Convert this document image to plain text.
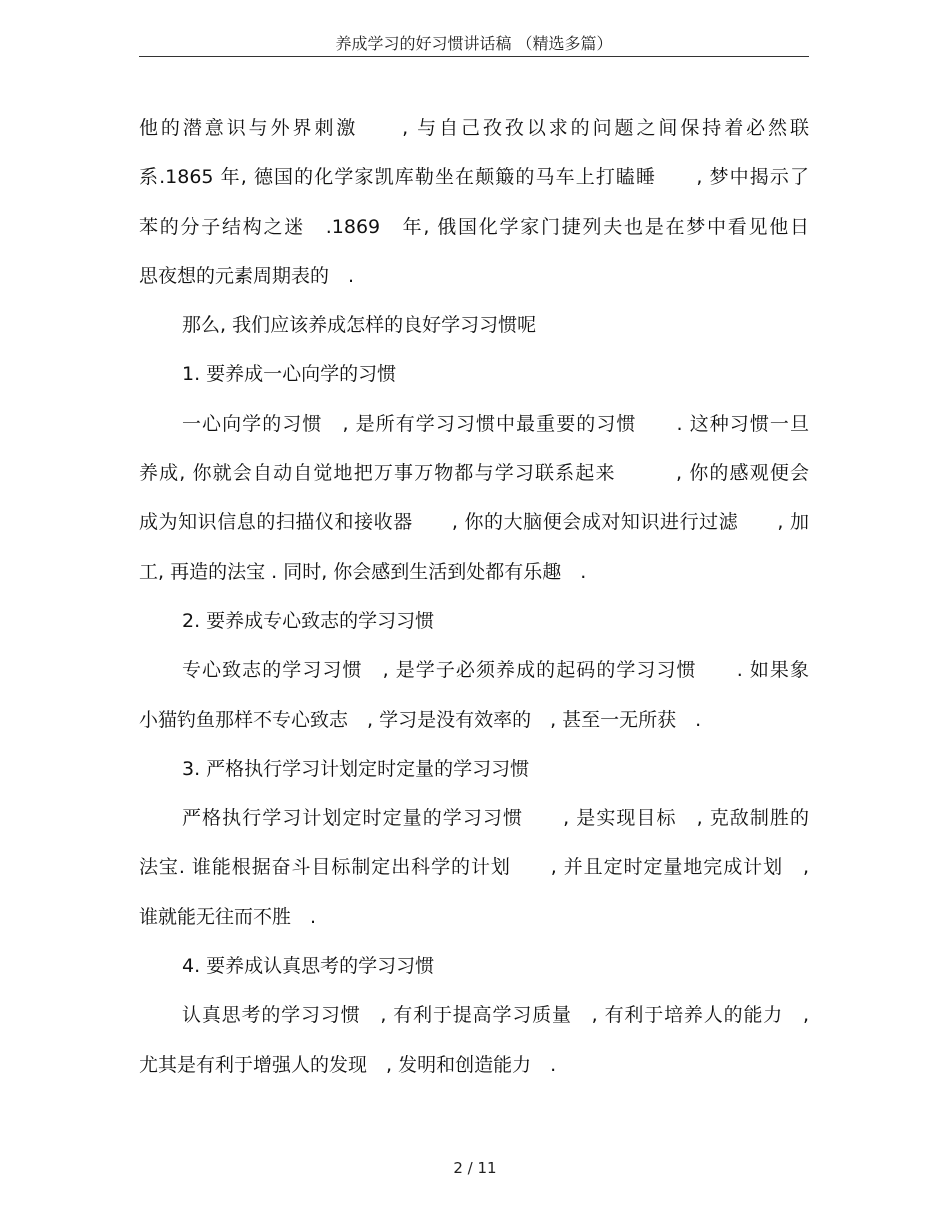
养成学习的好习惯讲话稿 （精选多篇）
他的潜意识与外界刺激　　, 与自己孜孜以求的问题之间保持着必然联
系.1865 年, 德国的化学家凯库勒坐在颠簸的马车上打瞌睡　　, 梦中揭示了
苯的分子结构之迷　.1869　年, 俄国化学家门捷列夫也是在梦中看见他日
思夜想的元素周期表的　.
那么, 我们应该养成怎样的良好学习习惯呢
1. 要养成一心向学的习惯
一心向学的习惯　, 是所有学习习惯中最重要的习惯　　. 这种习惯一旦
养成, 你就会自动自觉地把万事万物都与学习联系起来　　　, 你的感观便会
成为知识信息的扫描仪和接收器　　, 你的大脑便会成对知识进行过滤　　, 加
工, 再造的法宝 . 同时, 你会感到生活到处都有乐趣　.
2. 要养成专心致志的学习习惯
专心致志的学习习惯　, 是学子必须养成的起码的学习习惯　　. 如果象
小猫钓鱼那样不专心致志　, 学习是没有效率的　, 甚至一无所获　.
3. 严格执行学习计划定时定量的学习习惯
严格执行学习计划定时定量的学习习惯　　, 是实现目标　, 克敌制胜的
法宝. 谁能根据奋斗目标制定出科学的计划　　, 并且定时定量地完成计划　,
谁就能无往而不胜　.
4. 要养成认真思考的学习习惯
认真思考的学习习惯　, 有利于提高学习质量　, 有利于培养人的能力　,
尤其是有利于增强人的发现　, 发明和创造能力　.
2 / 11
